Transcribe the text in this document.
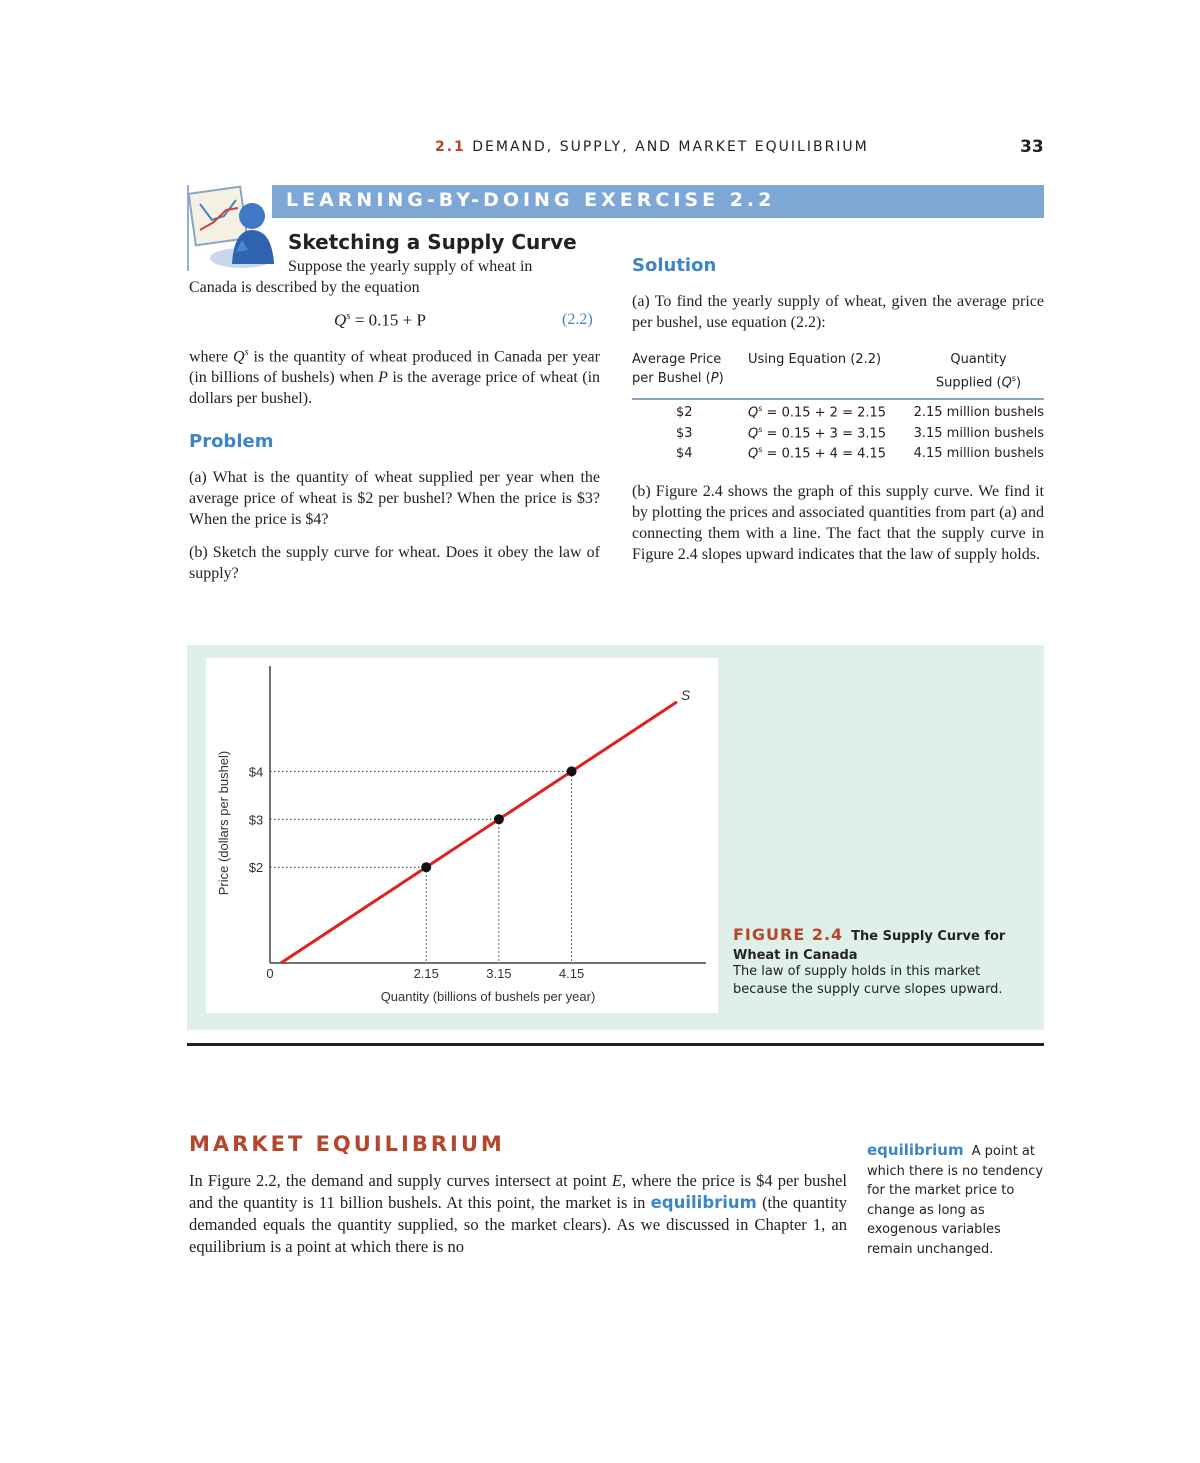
2.1 DEMAND, SUPPLY, AND MARKET EQUILIBRIUM	33
LEARNING-BY-DOING EXERCISE 2.2
Sketching a Supply Curve
Suppose the yearly supply of wheat in
Canada is described by the equation
$Q^s = 0.15 + P$	(2.2)
where $Q^s$ is the quantity of wheat produced in Canada per year (in billions of bushels) when P is the average price of wheat (in dollars per bushel).
Problem
(a) What is the quantity of wheat supplied per year when the average price of wheat is $2 per bushel? When the price is $3? When the price is $4?
(b) Sketch the supply curve for wheat. Does it obey the law of supply?
Solution
(a) To find the yearly supply of wheat, given the average price per bushel, use equation (2.2):
Average Price
per Bushel (P)	Using Equation (2.2)	Quantity
Supplied $(Q^s)$

$2	$Q^s = 0.15 + 2 = 2.15$	2.15 million bushels
$3	$Q^s = 0.15 + 3 = 3.15$	3.15 million bushels
$4	$Q^s = 0.15 + 4 = 4.15$	4.15 million bushels
(b) Figure 2.4 shows the graph of this supply curve. We find it by plotting the prices and associated quantities from part (a) and connecting them with a line. The fact that the supply curve in Figure 2.4 slopes upward indicates that the law of supply holds.
2.15	3.15	4.15
$2
$3
$4
0
Quantity (billions of bushels per year)
Price (dollars per bushel)
S
FIGURE 2.4 The Supply Curve for Wheat in Canada
The law of supply holds in this market because the supply curve slopes upward.
MARKET EQUILIBRIUM
In Figure 2.2, the demand and supply curves intersect at point E, where the price is $4 per bushel and the quantity is 11 billion bushels. At this point, the market is in equilibrium (the quantity demanded equals the quantity supplied, so the market clears). As we discussed in Chapter 1, an equilibrium is a point at which there is no
equilibrium A point at which there is no tendency for the market price to change as long as exogenous variables remain unchanged.
